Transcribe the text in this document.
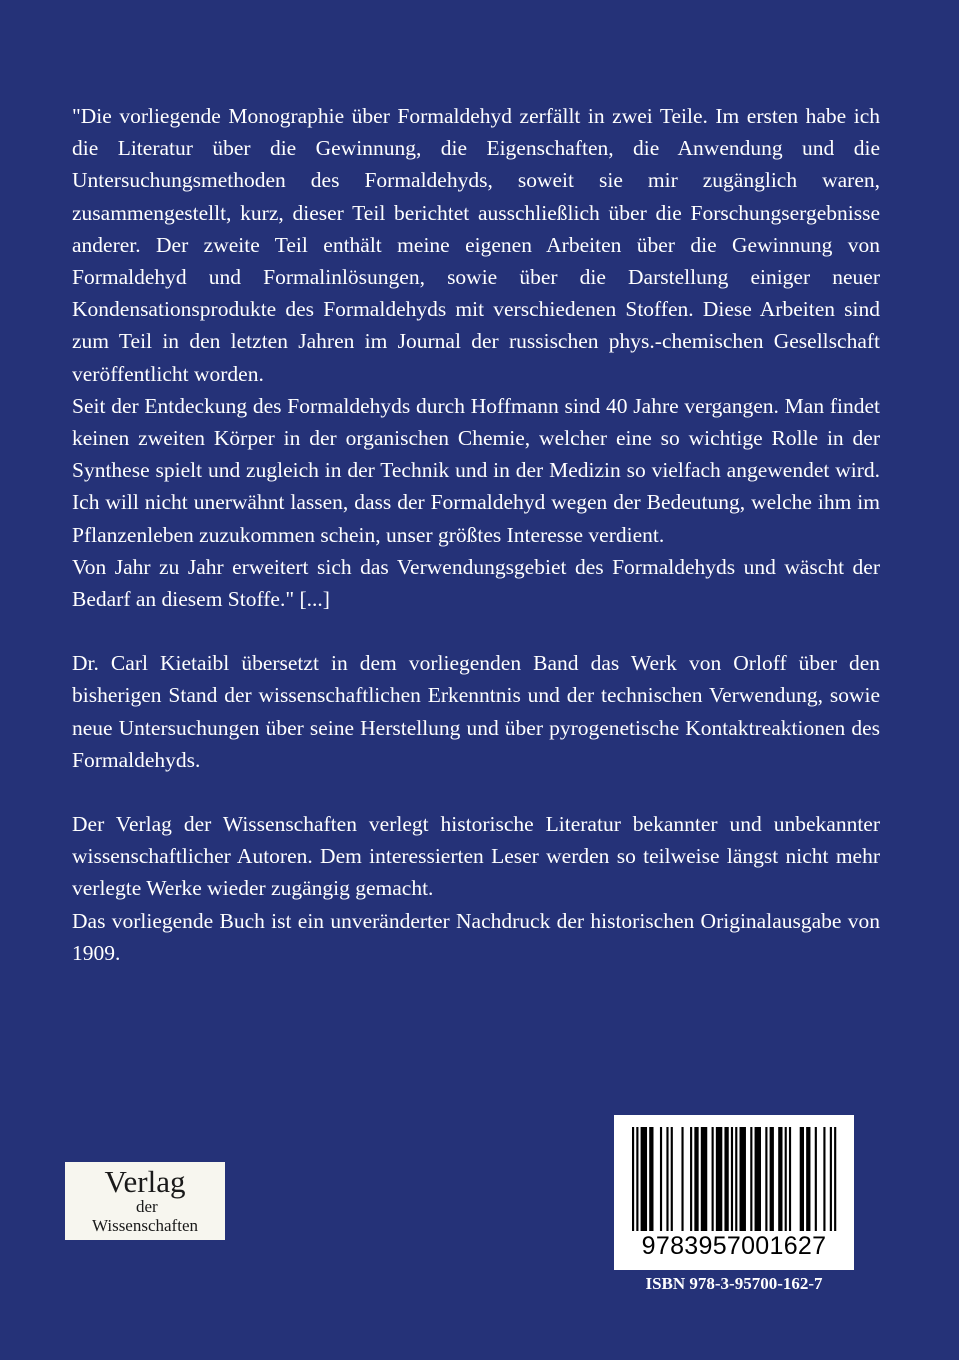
"Die vorliegende Monographie über Formaldehyd zerfällt in zwei Teile. Im ersten habe ich die Literatur über die Gewinnung, die Eigenschaften, die Anwendung und die Untersuchungsmethoden des Formaldehyds, soweit sie mir zugänglich waren, zusammengestellt, kurz, dieser Teil berichtet ausschließlich über die Forschungsergebnisse anderer. Der zweite Teil enthält meine eigenen Arbeiten über die Gewinnung von Formaldehyd und Formalinlösungen, sowie über die Darstellung einiger neuer Kondensationsprodukte des Formaldehyds mit verschiedenen Stoffen. Diese Arbeiten sind zum Teil in den letzten Jahren im Journal der russischen phys.-chemischen Gesellschaft veröffentlicht worden.

Seit der Entdeckung des Formaldehyds durch Hoffmann sind 40 Jahre vergangen. Man findet keinen zweiten Körper in der organischen Chemie, welcher eine so wichtige Rolle in der Synthese spielt und zugleich in der Technik und in der Medizin so vielfach angewendet wird. Ich will nicht unerwähnt lassen, dass der Formaldehyd wegen der Bedeutung, welche ihm im Pflanzenleben zuzukommen schein, unser größtes Interesse verdient.

Von Jahr zu Jahr erweitert sich das Verwendungsgebiet des Formaldehyds und wäscht der Bedarf an diesem Stoffe." [...]

Dr. Carl Kietaibl übersetzt in dem vorliegenden Band das Werk von Orloff über den bisherigen Stand der wissenschaftlichen Erkenntnis und der technischen Verwendung, sowie neue Untersuchungen über seine Herstellung und über pyrogenetische Kontaktreaktionen des Formaldehyds.

Der Verlag der Wissenschaften verlegt historische Literatur bekannter und unbekannter wissenschaftlicher Autoren. Dem interessierten Leser werden so teilweise längst nicht mehr verlegte Werke wieder zugängig gemacht.

Das vorliegende Buch ist ein unveränderter Nachdruck der historischen Originalausgabe von 1909.

Verlag
der
Wissenschaften
9783957001627
ISBN 978-3-95700-162-7
